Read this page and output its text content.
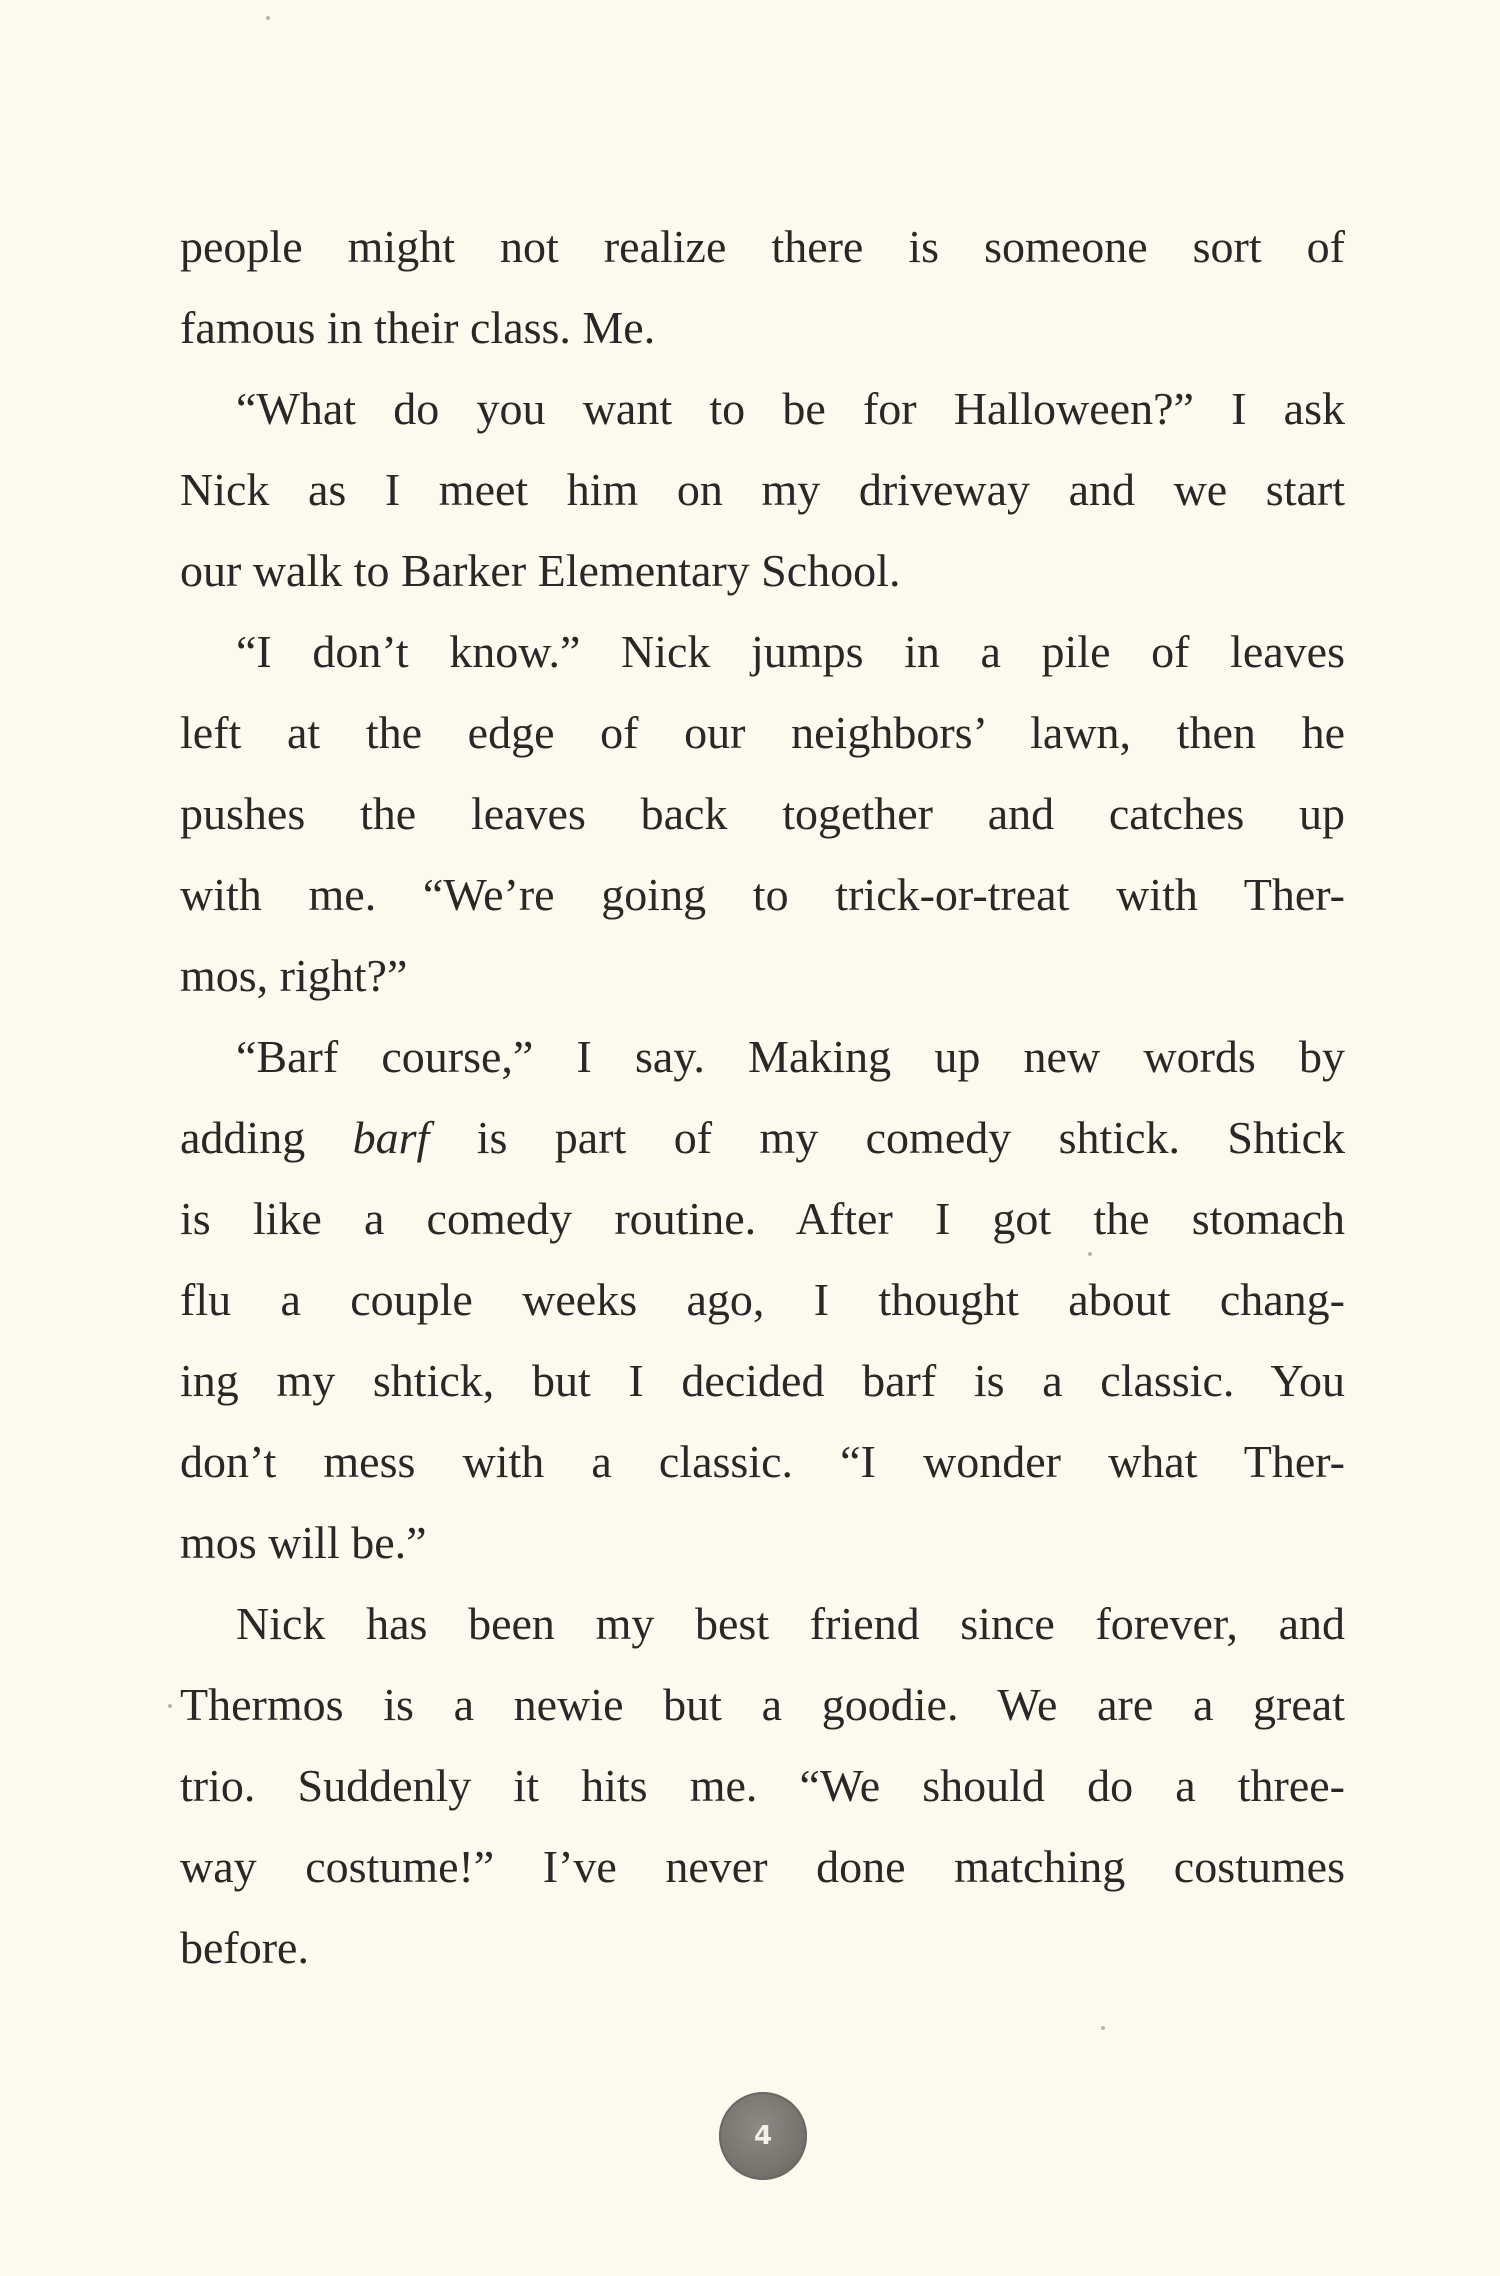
people might not realize there is someone sort of
famous in their class. Me.
“What do you want to be for Halloween?” I ask
Nick as I meet him on my driveway and we start
our walk to Barker Elementary School.
“I don’t know.” Nick jumps in a pile of leaves
left at the edge of our neighbors’ lawn, then he
pushes the leaves back together and catches up
with me. “We’re going to trick-or-treat with Ther-
mos, right?”
“Barf course,” I say. Making up new words by
adding barf is part of my comedy shtick. Shtick
is like a comedy routine. After I got the stomach
flu a couple weeks ago, I thought about chang-
ing my shtick, but I decided barf is a classic. You
don’t mess with a classic. “I wonder what Ther-
mos will be.”
Nick has been my best friend since forever, and
Thermos is a newie but a goodie. We are a great
trio. Suddenly it hits me. “We should do a three-
way costume!” I’ve never done matching costumes
before.
4
